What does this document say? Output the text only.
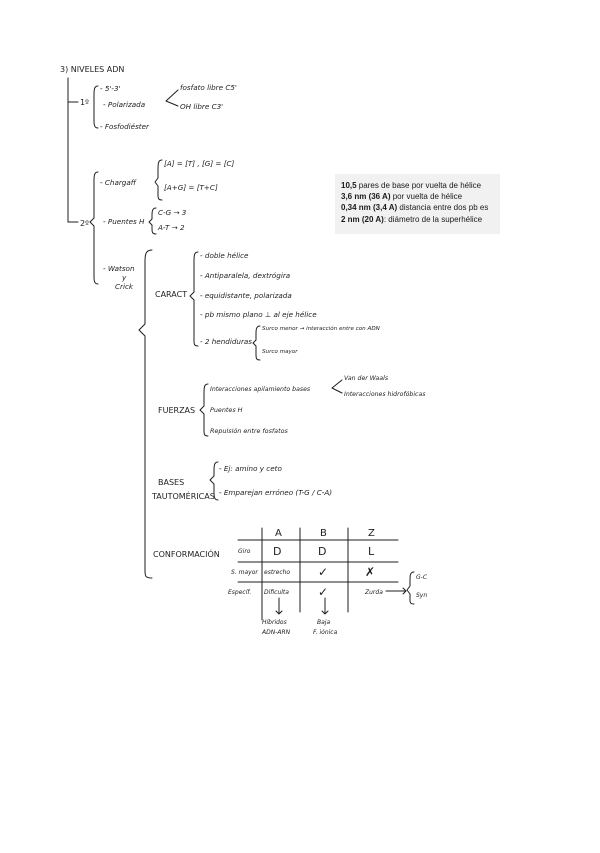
3) NIVELES ADN
1º
- 5'-3'
- Polarizada
- Fosfodiéster
fosfato libre C5'
OH libre C3'
2º
- Chargaff
[A] = [T] , [G] = [C]
[A+G] = [T+C]
- Puentes H
C-G → 3
A-T → 2
- Watson
y
Crick
CARACT
- doble hélice
- Antiparalela, dextrógira
- equidistante, polarizada
- pb mismo plano ⊥ al eje hélice
- 2 hendiduras
Surco menor → interacción entre con ADN
Surco mayor
FUERZAS
Interacciones apilamiento bases
Puentes H
Repulsión entre fosfatos
Van der Waals
Interacciones hidrofóbicas
BASES
TAUTOMÉRICAS
- Ej: amino y ceto
- Emparejan erróneo (T-G / C-A)
CONFORMACIÓN
A	B	Z
Giro D	D	L
S. mayor estrecho ✓	✗
Específ. Dificulta ✓	Zurda
G-C
Syn
Híbridos
ADN-ARN
Baja
F. iónica
10,5 pares de base por vuelta de hélice
3,6 nm (36 A) por vuelta de hélice
0,34 nm (3,4 A) distancia entre dos pb es
2 nm (20 A): diámetro de la superhélice
